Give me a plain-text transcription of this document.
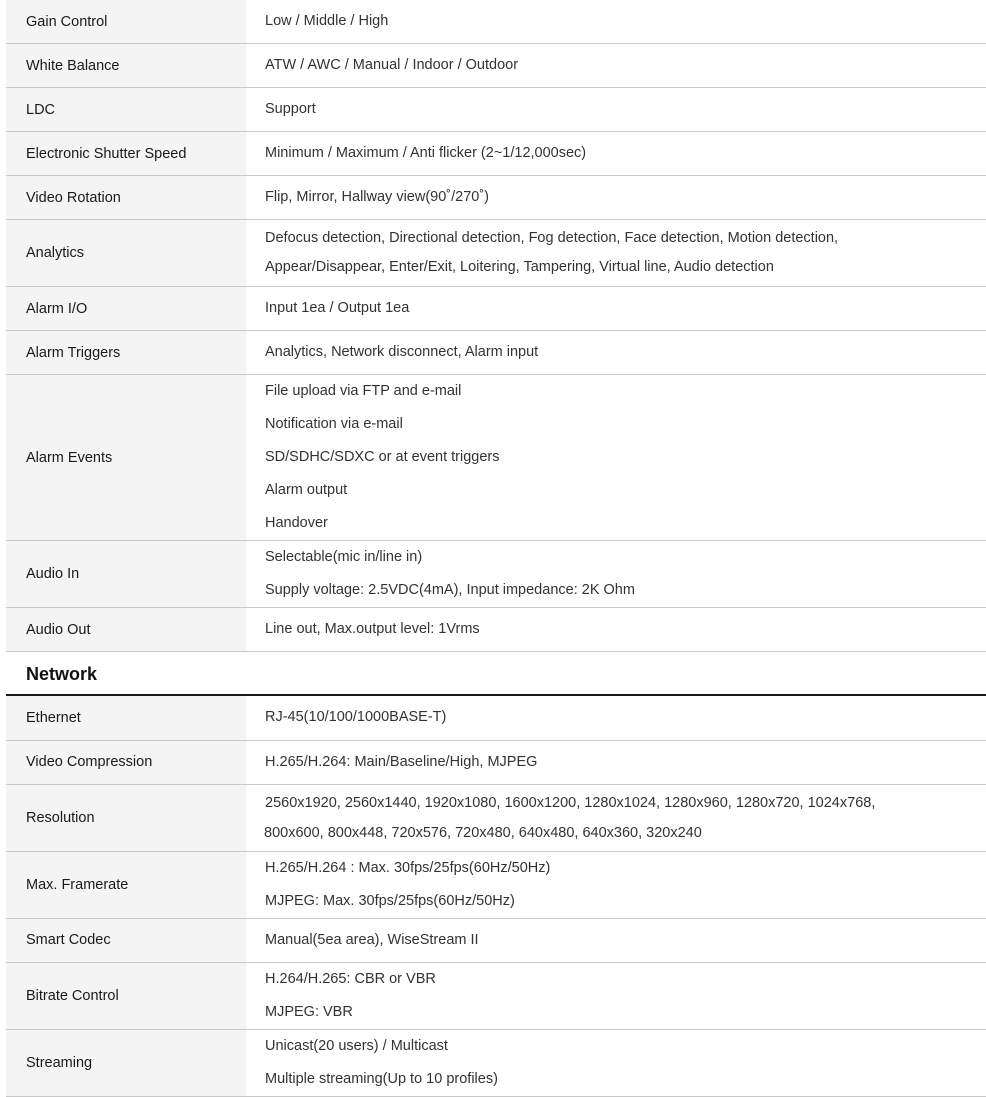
Gain Control	Low / Middle / High

White Balance	ATW / AWC / Manual / Indoor / Outdoor

LDC	Support

Electronic Shutter Speed	Minimum / Maximum / Anti flicker (2~1/12,000sec)

Video Rotation	Flip, Mirror, Hallway view(90˚/270˚)

Analytics	Defocus detection, Directional detection, Fog detection, Face detection, Motion detection,
Appear/Disappear, Enter/Exit, Loitering, Tampering, Virtual line, Audio detection

Alarm I/O	Input 1ea / Output 1ea

Alarm Triggers	Analytics, Network disconnect, Alarm input

Alarm Events	File upload via FTP and e-mail
Notification via e-mail
SD/SDHC/SDXC or at event triggers
Alarm output
Handover

Audio In	Selectable(mic in/line in)
Supply voltage: 2.5VDC(4mA), Input impedance: 2K Ohm

Audio Out	Line out, Max.output level: 1Vrms
Network
Ethernet	RJ-45(10/100/1000BASE-T)

Video Compression	H.265/H.264: Main/Baseline/High, MJPEG

Resolution	2560x1920, 2560x1440, 1920x1080, 1600x1200, 1280x1024, 1280x960, 1280x720, 1024x768,
800x600, 800x448, 720x576, 720x480, 640x480, 640x360, 320x240

Max. Framerate	H.265/H.264 : Max. 30fps/25fps(60Hz/50Hz)
MJPEG: Max. 30fps/25fps(60Hz/50Hz)

Smart Codec	Manual(5ea area), WiseStream II

Bitrate Control	H.264/H.265: CBR or VBR
MJPEG: VBR

Streaming	Unicast(20 users) / Multicast
Multiple streaming(Up to 10 profiles)
